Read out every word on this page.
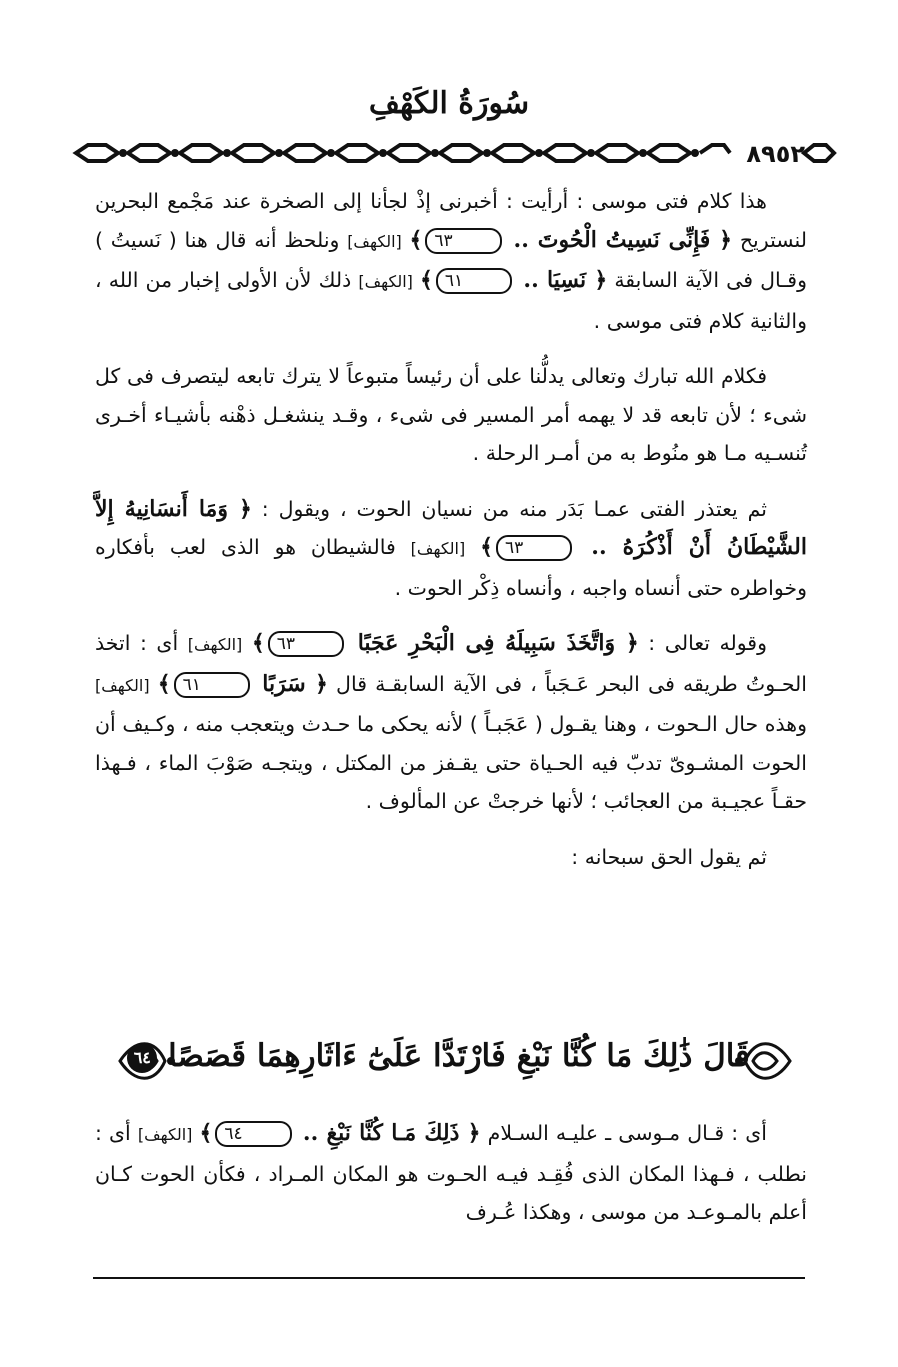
سُورَةُ الكَهْفِ
٨٩٥٢

هذا كلام فتى موسى : أرأيت : أخبرنى إذْ لجأنا إلى الصخرة عند مَجْمع البحرين لنستريح ﴿ فَإِنِّى نَسِيتُ الْحُوتَ .. ٦٣﴾ [الكهف] ونلحظ أنه قال هنا ( نَسيتُ ) وقـال فى الآية السابقة ﴿ نَسِيَا .. ٦١﴾ [الكهف] ذلك لأن الأولى إخبار من الله ، والثانية كلام فتى موسى .

فكلام الله تبارك وتعالى يدلُّنا على أن رئيساً متبوعاً لا يترك تابعه ليتصرف فى كل شىء ؛ لأن تابعه قد لا يهمه أمر المسير فى شىء ، وقـد ينشغـل ذهْنه بأشيـاء أخـرى تُنسـيه مـا هو منُوط به من أمـر الرحلة .

ثم يعتذر الفتى عمـا بَدَر منه من نسيان الحوت ، ويقول : ﴿ وَمَا أَنسَانِيهُ إِلاَّ الشَّيْطَانُ أَنْ أَذْكُرَهُ .. ٦٣﴾ [الكهف] فالشيطان هو الذى لعب بأفكاره وخواطره حتى أنساه واجبه ، وأنساه ذِكْر الحوت .

وقوله تعالى : ﴿ وَاتَّخَذَ سَبِيلَهُ فِى الْبَحْرِ عَجَبًا ٦٣﴾ [الكهف] أى : اتخذ الحـوتُ طريقه فى البحر عَـجَباً ، فى الآية السابقـة قال ﴿ سَرَبًا ٦١﴾ [الكهف] وهذه حال الـحوت ، وهنا يقـول ( عَجَبـاً ) لأنه يحكى ما حـدث ويتعجب منه ، وكـيف أن الحوت المشـوىّ تدبّ فيه الحـياة حتى يقـفز من المكتل ، ويتجـه صَوْبَ الماء ، فـهذا حقـاً عجيـبة من العجائب ؛ لأنها خرجتْ عن المألوف .

ثم يقول الحق سبحانه :

قَالَ ذَٰلِكَ مَا كُنَّا نَبْغِ فَارْتَدَّا عَلَىٰٓ ءَاثَارِهِمَا قَصَصًا ٦٤

أى : قـال مـوسى ـ عليـه السـلام ﴿ ذَلِكَ مَـا كُنَّا نَبْغِ .. ٦٤﴾ [الكهف] أى : نطلب ، فـهذا المكان الذى فُقِـد فيـه الحـوت هو المكان المـراد ، فكأن الحوت كـان أعلم بالمـوعـد من موسى ، وهكذا عُـرف
